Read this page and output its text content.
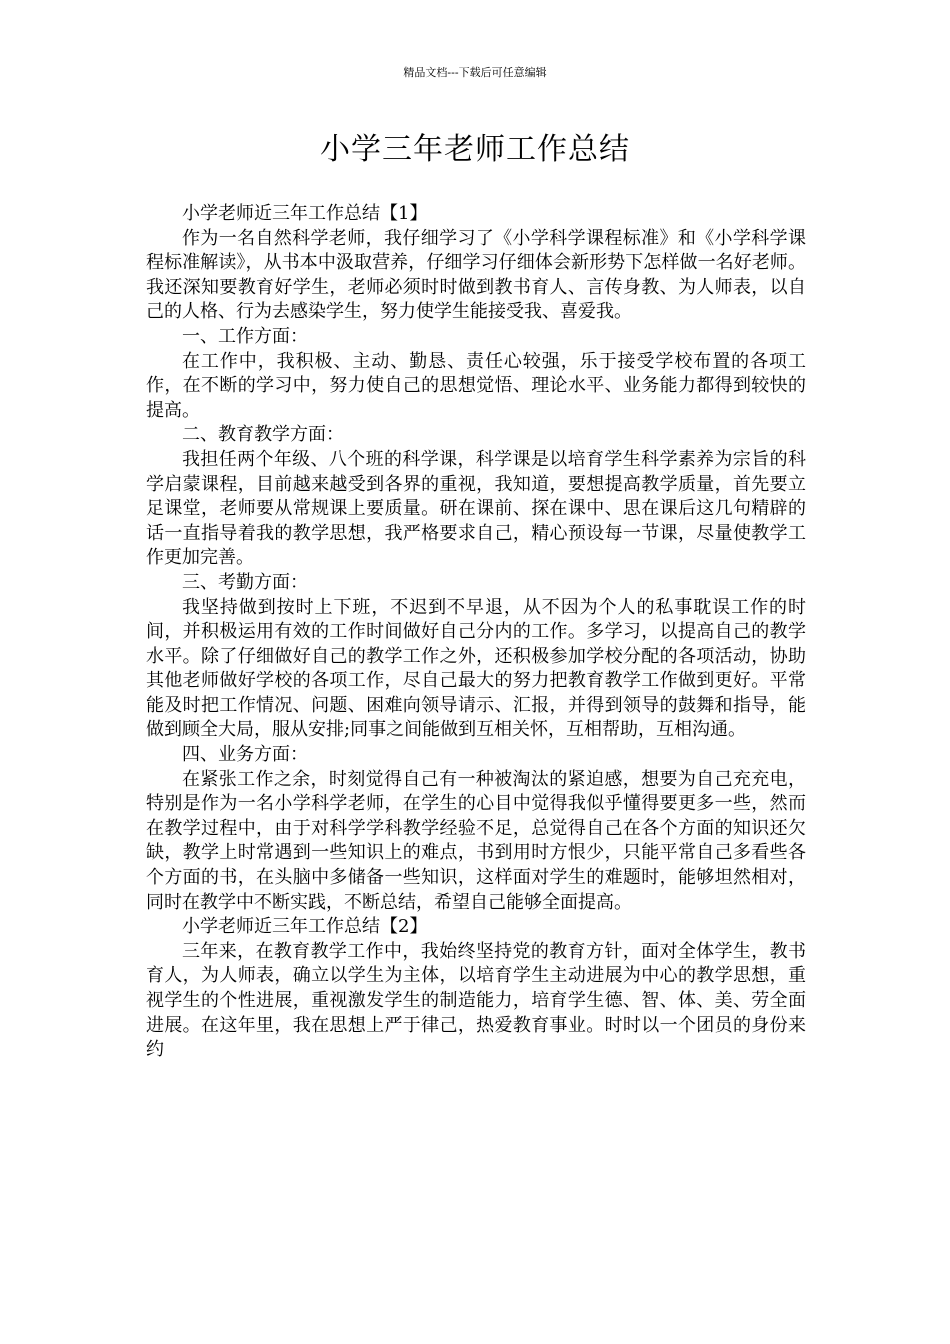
精品文档---下载后可任意编辑
小学三年老师工作总结

小学老师近三年工作总结【1】

作为一名自然科学老师，我仔细学习了《小学科学课程标准》和《小学科学课程标准解读》，从书本中汲取营养，仔细学习仔细体会新形势下怎样做一名好老师。我还深知要教育好学生，老师必须时时做到教书育人、言传身教、为人师表，以自己的人格、行为去感染学生，努力使学生能接受我、喜爱我。

一、工作方面：

在工作中，我积极、主动、勤恳、责任心较强，乐于接受学校布置的各项工作，在不断的学习中，努力使自己的思想觉悟、理论水平、业务能力都得到较快的提高。

二、教育教学方面：

我担任两个年级、八个班的科学课，科学课是以培育学生科学素养为宗旨的科学启蒙课程，目前越来越受到各界的重视，我知道，要想提高教学质量，首先要立足课堂，老师要从常规课上要质量。研在课前、探在课中、思在课后这几句精辟的话一直指导着我的教学思想，我严格要求自己，精心预设每一节课，尽量使教学工作更加完善。

三、考勤方面：

我坚持做到按时上下班，不迟到不早退，从不因为个人的私事耽误工作的时间，并积极运用有效的工作时间做好自己分内的工作。多学习，以提高自己的教学水平。除了仔细做好自己的教学工作之外，还积极参加学校分配的各项活动，协助其他老师做好学校的各项工作，尽自己最大的努力把教育教学工作做到更好。平常能及时把工作情况、问题、困难向领导请示、汇报，并得到领导的鼓舞和指导，能做到顾全大局，服从安排;同事之间能做到互相关怀，互相帮助，互相沟通。

四、业务方面：

在紧张工作之余，时刻觉得自己有一种被淘汰的紧迫感，想要为自己充充电，特别是作为一名小学科学老师，在学生的心目中觉得我似乎懂得要更多一些，然而在教学过程中，由于对科学学科教学经验不足，总觉得自己在各个方面的知识还欠缺，教学上时常遇到一些知识上的难点，书到用时方恨少，只能平常自己多看些各个方面的书，在头脑中多储备一些知识，这样面对学生的难题时，能够坦然相对，同时在教学中不断实践，不断总结，希望自己能够全面提高。

小学老师近三年工作总结【2】

三年来，在教育教学工作中，我始终坚持党的教育方针，面对全体学生，教书育人，为人师表，确立以学生为主体，以培育学生主动进展为中心的教学思想，重视学生的个性进展，重视激发学生的制造能力，培育学生德、智、体、美、劳全面进展。在这年里，我在思想上严于律己，热爱教育事业。时时以一个团员的身份来约
